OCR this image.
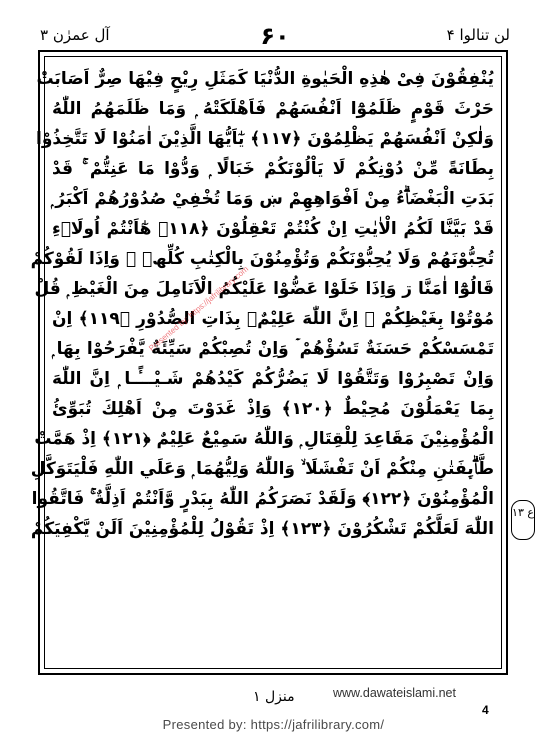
لن تنالوا ۴
۶۰
آل عمرٰن ۳
يُنْفِقُوْنَ فِىْ هٰذِهِ الْحَيٰوةِ الدُّنْيَا كَمَثَلِ رِيْحٍ فِيْهَا صِرٌّ اَصَابَتْ
حَرْثَ قَوْمٍ ظَلَمُوْٓا اَنْفُسَهُمْ فَاَهْلَكَتْهُ ۭ وَمَا ظَلَمَهُمُ اللّٰهُ
وَلٰكِنْ اَنْفُسَهُمْ يَظْلِمُوْنَ ﴿١١٧﴾ يٰٓاَيُّهَا الَّذِيْنَ اٰمَنُوْا لَا تَتَّخِذُوْا
بِطَانَةً مِّنْ دُوْنِكُمْ لَا يَاْلُوْنَكُمْ خَبَالًا ۭ وَدُّوْا مَا عَنِتُّمْ ۚ قَدْ
بَدَتِ الْبَغْضَاۗءُ مِنْ اَفْوَاهِهِمْ ښ وَمَا تُخْفِيْ صُدُوْرُھُمْ اَكْبَرُ ۭ
قَدْ بَيَّنَّا لَكُمُ الْاٰيٰتِ اِنْ كُنْتُمْ تَعْقِلُوْنَ ﴿١١٨﴾ هٰٓاَنْتُمْ اُولَاۗءِ
تُحِبُّوْنَھُمْ وَلَا يُحِبُّوْنَكُمْ وَتُؤْمِنُوْنَ بِالْكِتٰبِ كُلِّھٖ ۚ وَاِذَا لَقُوْكُمْ
قَالُوْٓا اٰمَنَّا ڗ وَاِذَا خَلَوْا عَضُّوْا عَلَيْكُمُ الْاَنَامِلَ مِنَ الْغَيْظِ ۭ قُلْ
مُوْتُوْا بِغَيْظِكُمْ ۭ اِنَّ اللّٰهَ عَلِيْمٌۢ بِذَاتِ الصُّدُوْرِ ﴿١١٩﴾ اِنْ
تَمْسَسْكُمْ حَسَنَةٌ تَسُؤْھُمْ ۡ وَاِنْ تُصِبْكُمْ سَيِّئَةٌ يَّفْرَحُوْا بِھَا ۭ
وَاِنْ تَصْبِرُوْا وَتَتَّقُوْا لَا يَضُرُّكُمْ كَيْدُھُمْ شَـيْـــًٔـا ۭ اِنَّ اللّٰهَ
بِمَا يَعْمَلُوْنَ مُحِيْطٌ ﴿١٢٠﴾ وَاِذْ غَدَوْتَ مِنْ اَھْلِكَ تُبَوِّئُ
الْمُؤْمِنِيْنَ مَقَاعِدَ لِلْقِتَالِ ۭ وَاللّٰهُ سَمِيْعٌ عَلِيْمٌ ﴿١٢١﴾ اِذْ ھَمَّتْ
طَّاۗىِٕفَتٰنِ مِنْكُمْ اَنْ تَفْشَلَا ۙ وَاللّٰهُ وَلِيُّهُمَا ۭ وَعَلَي اللّٰهِ فَلْيَتَوَكَّلِ
الْمُؤْمِنُوْنَ ﴿١٢٢﴾ وَلَقَدْ نَصَرَكُمُ اللّٰهُ بِبَدْرٍ وَّاَنْتُمْ اَذِلَّةٌ ۚ فَاتَّقُوا
اللّٰهَ لَعَلَّكُمْ تَشْكُرُوْنَ ﴿١٢٣﴾ اِذْ تَقُوْلُ لِلْمُؤْمِنِيْنَ اَلَنْ يَّكْفِيَكُمْ
ع ۱۳
Presented by: https://jafrilibrary.com
منزل ۱	www.dawateislami.net
4
Presented by: https://jafrilibrary.com/
